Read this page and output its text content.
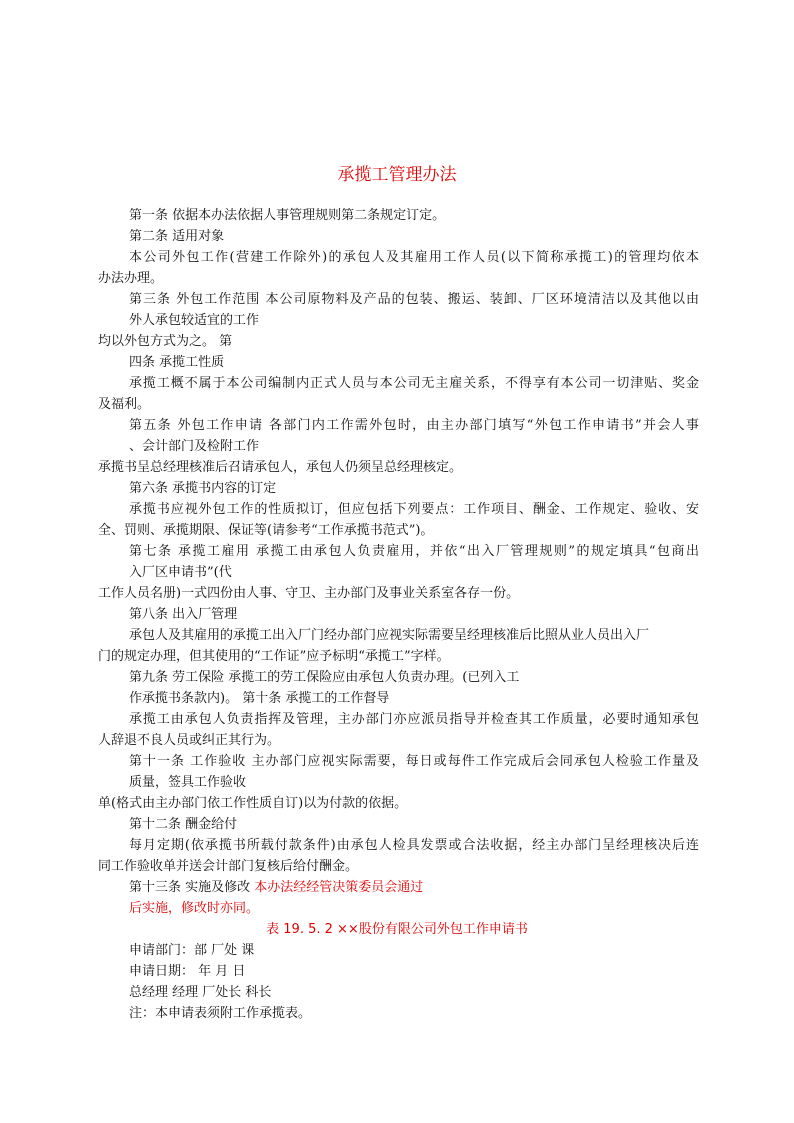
承揽工管理办法
第一条 依据本办法依据人事管理规则第二条规定订定。
第二条 适用对象
本公司外包工作(营建工作除外)的承包人及其雇用工作人员(以下简称承揽工)的管理均依本
办法办理。
第三条 外包工作范围 本公司原物料及产品的包装、搬运、装卸、厂区环境清洁以及其他以由
外人承包较适宜的工作
均以外包方式为之。 第
四条 承揽工性质
承揽工概不属于本公司编制内正式人员与本公司无主雇关系，不得享有本公司一切津贴、奖金
及福利。
第五条 外包工作申请 各部门内工作需外包时，由主办部门填写“外包工作申请书”并会人事
、会计部门及检附工作
承揽书呈总经理核准后召请承包人，承包人仍须呈总经理核定。
第六条 承揽书内容的订定
承揽书应视外包工作的性质拟订，但应包括下列要点：工作项目、酬金、工作规定、验收、安
全、罚则、承揽期限、保证等(请参考“工作承揽书范式”)。
第七条 承揽工雇用 承揽工由承包人负责雇用，并依“出入厂管理规则”的规定填具“包商出
入厂区申请书”(代
工作人员名册)一式四份由人事、守卫、主办部门及事业关系室各存一份。
第八条 出入厂管理
承包人及其雇用的承揽工出入厂门经办部门应视实际需要呈经理核准后比照从业人员出入厂
门的规定办理，但其使用的“工作证”应予标明“承揽工”字样。
第九条 劳工保险 承揽工的劳工保险应由承包人负责办理。(已列入工
作承揽书条款内)。 第十条 承揽工的工作督导
承揽工由承包人负责指挥及管理，主办部门亦应派员指导并检查其工作质量，必要时通知承包
人辞退不良人员或纠正其行为。
第十一条 工作验收 主办部门应视实际需要，每日或每件工作完成后会同承包人检验工作量及
质量，签具工作验收
单(格式由主办部门依工作性质自订)以为付款的依据。
第十二条 酬金给付
每月定期(依承揽书所载付款条件)由承包人检具发票或合法收据，经主办部门呈经理核决后连
同工作验收单并送会计部门复核后给付酬金。
第十三条 实施及修改 本办法经经管决策委员会通过
后实施，修改时亦同。
表 19. 5. 2 ××股份有限公司外包工作申请书
申请部门：部 厂处 课
申请日期： 年 月 日
总经理 经理 厂处长 科长
注：本申请表须附工作承揽表。
